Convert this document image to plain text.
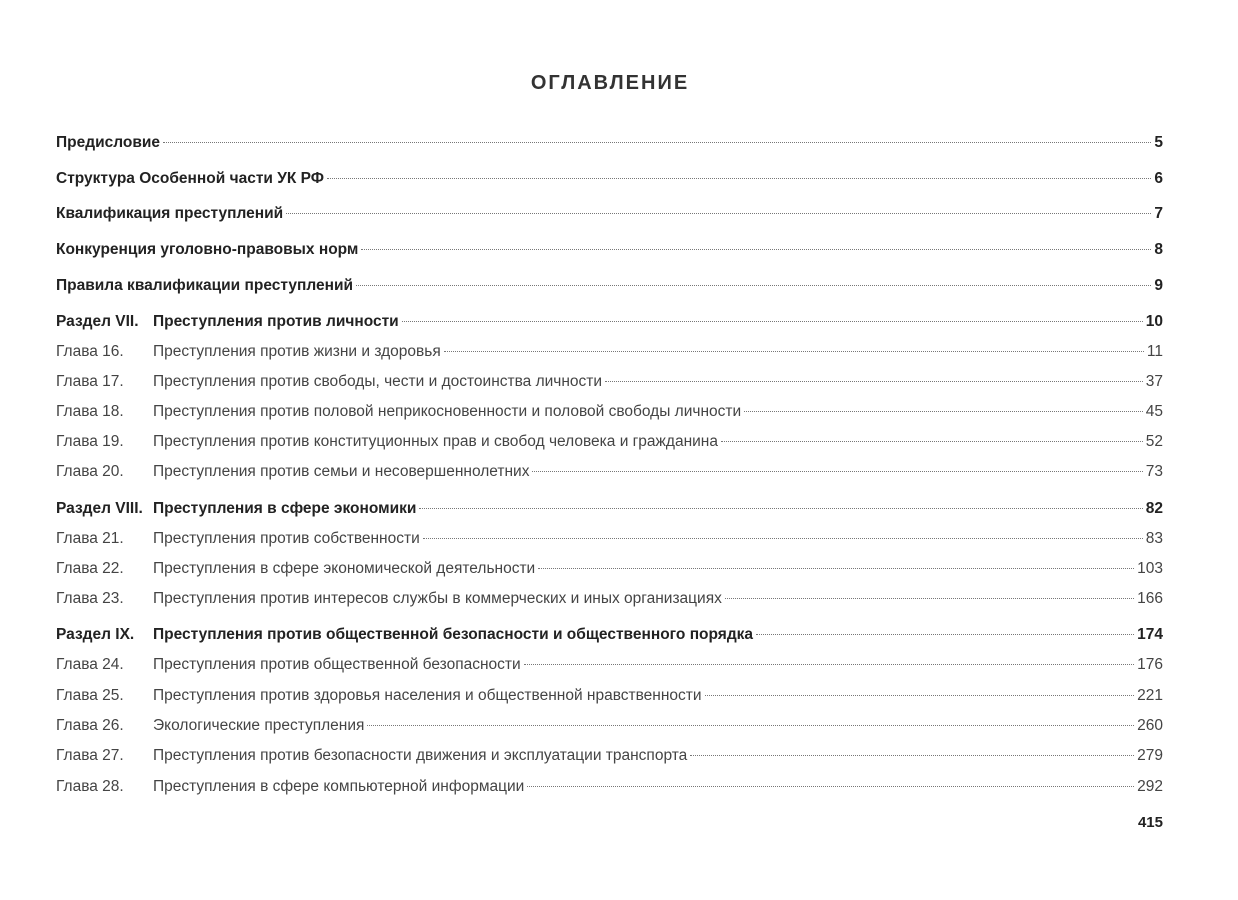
ОГЛАВЛЕНИЕ
Предисловие	5
Структура Особенной части УК РФ	6
Квалификация преступлений	7
Конкуренция уголовно-правовых норм	8
Правила квалификации преступлений	9
Раздел VII. Преступления против личности	10
Глава 16.	Преступления против жизни и здоровья	11
Глава 17.	Преступления против свободы, чести и достоинства личности	37
Глава 18.	Преступления против половой неприкосновенности и половой свободы личности	45
Глава 19.	Преступления против конституционных прав и свобод человека и гражданина	52
Глава 20.	Преступления против семьи и несовершеннолетних	73
Раздел VIII. Преступления в сфере экономики	82
Глава 21.	Преступления против собственности	83
Глава 22.	Преступления в сфере экономической деятельности	103
Глава 23.	Преступления против интересов службы в коммерческих и иных организациях	166
Раздел IX.	Преступления против общественной безопасности и общественного порядка	174
Глава 24.	Преступления против общественной безопасности	176
Глава 25.	Преступления против здоровья населения и общественной нравственности	221
Глава 26.	Экологические преступления	260
Глава 27.	Преступления против безопасности движения и эксплуатации транспорта	279
Глава 28.	Преступления в сфере компьютерной информации	292
415
